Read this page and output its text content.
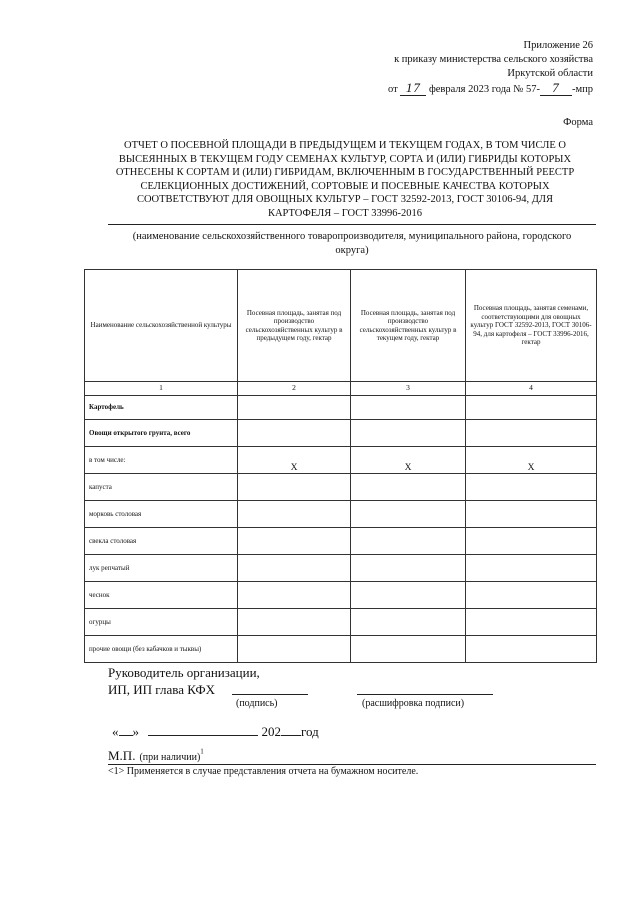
Приложение 26
к приказу министерства сельского хозяйства
Иркутской области
от 17 февраля 2023 года № 57- 7 -мпр
Форма
ОТЧЕТ О ПОСЕВНОЙ ПЛОЩАДИ В ПРЕДЫДУЩЕМ И ТЕКУЩЕМ ГОДАХ, В ТОМ ЧИСЛЕ О
ВЫСЕЯННЫХ В ТЕКУЩЕМ ГОДУ СЕМЕНАХ КУЛЬТУР, СОРТА И (ИЛИ) ГИБРИДЫ КОТОРЫХ
ОТНЕСЕНЫ К СОРТАМ И (ИЛИ) ГИБРИДАМ, ВКЛЮЧЕННЫМ В ГОСУДАРСТВЕННЫЙ РЕЕСТР
СЕЛЕКЦИОННЫХ ДОСТИЖЕНИЙ, СОРТОВЫЕ И ПОСЕВНЫЕ КАЧЕСТВА КОТОРЫХ
СООТВЕТСТВУЮТ ДЛЯ ОВОЩНЫХ КУЛЬТУР – ГОСТ 32592-2013, ГОСТ 30106-94, ДЛЯ
КАРТОФЕЛЯ – ГОСТ 33996-2016
(наименование сельскохозяйственного товаропроизводителя, муниципального района, городского
округа)
Наименование сельскохозяйственной культуры	Посевная площадь, занятая под производство сельскохозяйственных культур в предыдущем году, гектар	Посевная площадь, занятая под производство сельскохозяйственных культур в текущем году, гектар	Посевная площадь, занятая семенами, соответствующими для овощных культур ГОСТ 32592-2013, ГОСТ 30106-94, для картофеля – ГОСТ 33996-2016, гектар
1	2	3	4
Картофель			
Овощи открытого грунта, всего			
в том числе:	Х	Х	Х
капуста			
морковь столовая			
свекла столовая			
лук репчатый			
чеснок			
огурцы			
прочие овощи (без кабачков и тыквы)			
Руководитель организации,
ИП, ИП глава КФХ
(подпись)	(расшифровка подписи)
« »	202 год
М.П. (при наличии)$^1$
<1> Применяется в случае представления отчета на бумажном носителе.
